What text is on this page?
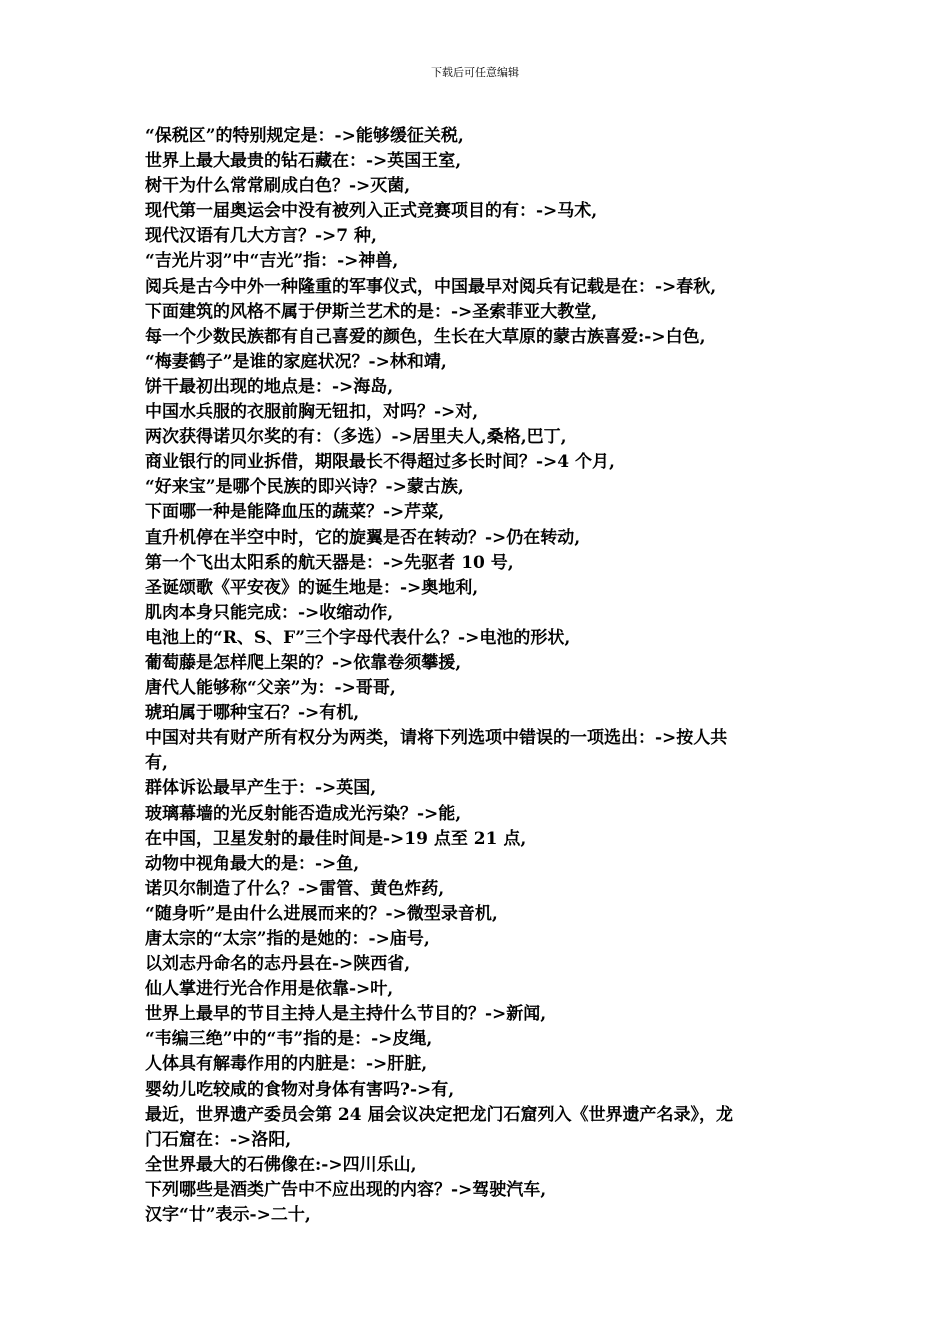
下载后可任意编辑

“保税区”的特别规定是：->能够缓征关税,

世界上最大最贵的钻石藏在：->英国王室,

树干为什么常常刷成白色？->灭菌,

现代第一届奥运会中没有被列入正式竞赛项目的有：->马术,

现代汉语有几大方言？->7 种,

“吉光片羽”中“吉光”指：->神兽,

阅兵是古今中外一种隆重的军事仪式，中国最早对阅兵有记载是在：->春秋,

下面建筑的风格不属于伊斯兰艺术的是：->圣索菲亚大教堂,

每一个少数民族都有自己喜爱的颜色，生长在大草原的蒙古族喜爱:->白色,

“梅妻鹤子”是谁的家庭状况？->林和靖,

饼干最初出现的地点是：->海岛,

中国水兵服的衣服前胸无钮扣，对吗？->对,

两次获得诺贝尔奖的有：（多选）->居里夫人,桑格,巴丁,

商业银行的同业拆借，期限最长不得超过多长时间？->4 个月,

“好来宝”是哪个民族的即兴诗？->蒙古族,

下面哪一种是能降血压的蔬菜？->芹菜,

直升机停在半空中时，它的旋翼是否在转动？->仍在转动,

第一个飞出太阳系的航天器是：->先驱者 10 号,

圣诞颂歌《平安夜》的诞生地是：->奥地利,

肌肉本身只能完成：->收缩动作,

电池上的“R、S、F”三个字母代表什么？->电池的形状,

葡萄藤是怎样爬上架的？->依靠卷须攀援,

唐代人能够称“父亲”为：->哥哥,

琥珀属于哪种宝石？->有机,

中国对共有财产所有权分为两类，请将下列选项中错误的一项选出：->按人共

有,

群体诉讼最早产生于：->英国,

玻璃幕墙的光反射能否造成光污染？->能,

在中国，卫星发射的最佳时间是->19 点至 21 点,

动物中视角最大的是：->鱼,

诺贝尔制造了什么？->雷管、黄色炸药,

“随身听”是由什么进展而来的？->微型录音机,

唐太宗的“太宗”指的是她的：->庙号,

以刘志丹命名的志丹县在->陕西省,

仙人掌进行光合作用是依靠->叶,

世界上最早的节目主持人是主持什么节目的？->新闻,

“韦编三绝”中的“韦”指的是：->皮绳,

人体具有解毒作用的内脏是：->肝脏,

婴幼儿吃较咸的食物对身体有害吗?->有,

最近，世界遗产委员会第 24 届会议决定把龙门石窟列入《世界遗产名录》，龙

门石窟在：->洛阳,

全世界最大的石佛像在:->四川乐山,

下列哪些是酒类广告中不应出现的内容？->驾驶汽车,

汉字“廿”表示->二十,
